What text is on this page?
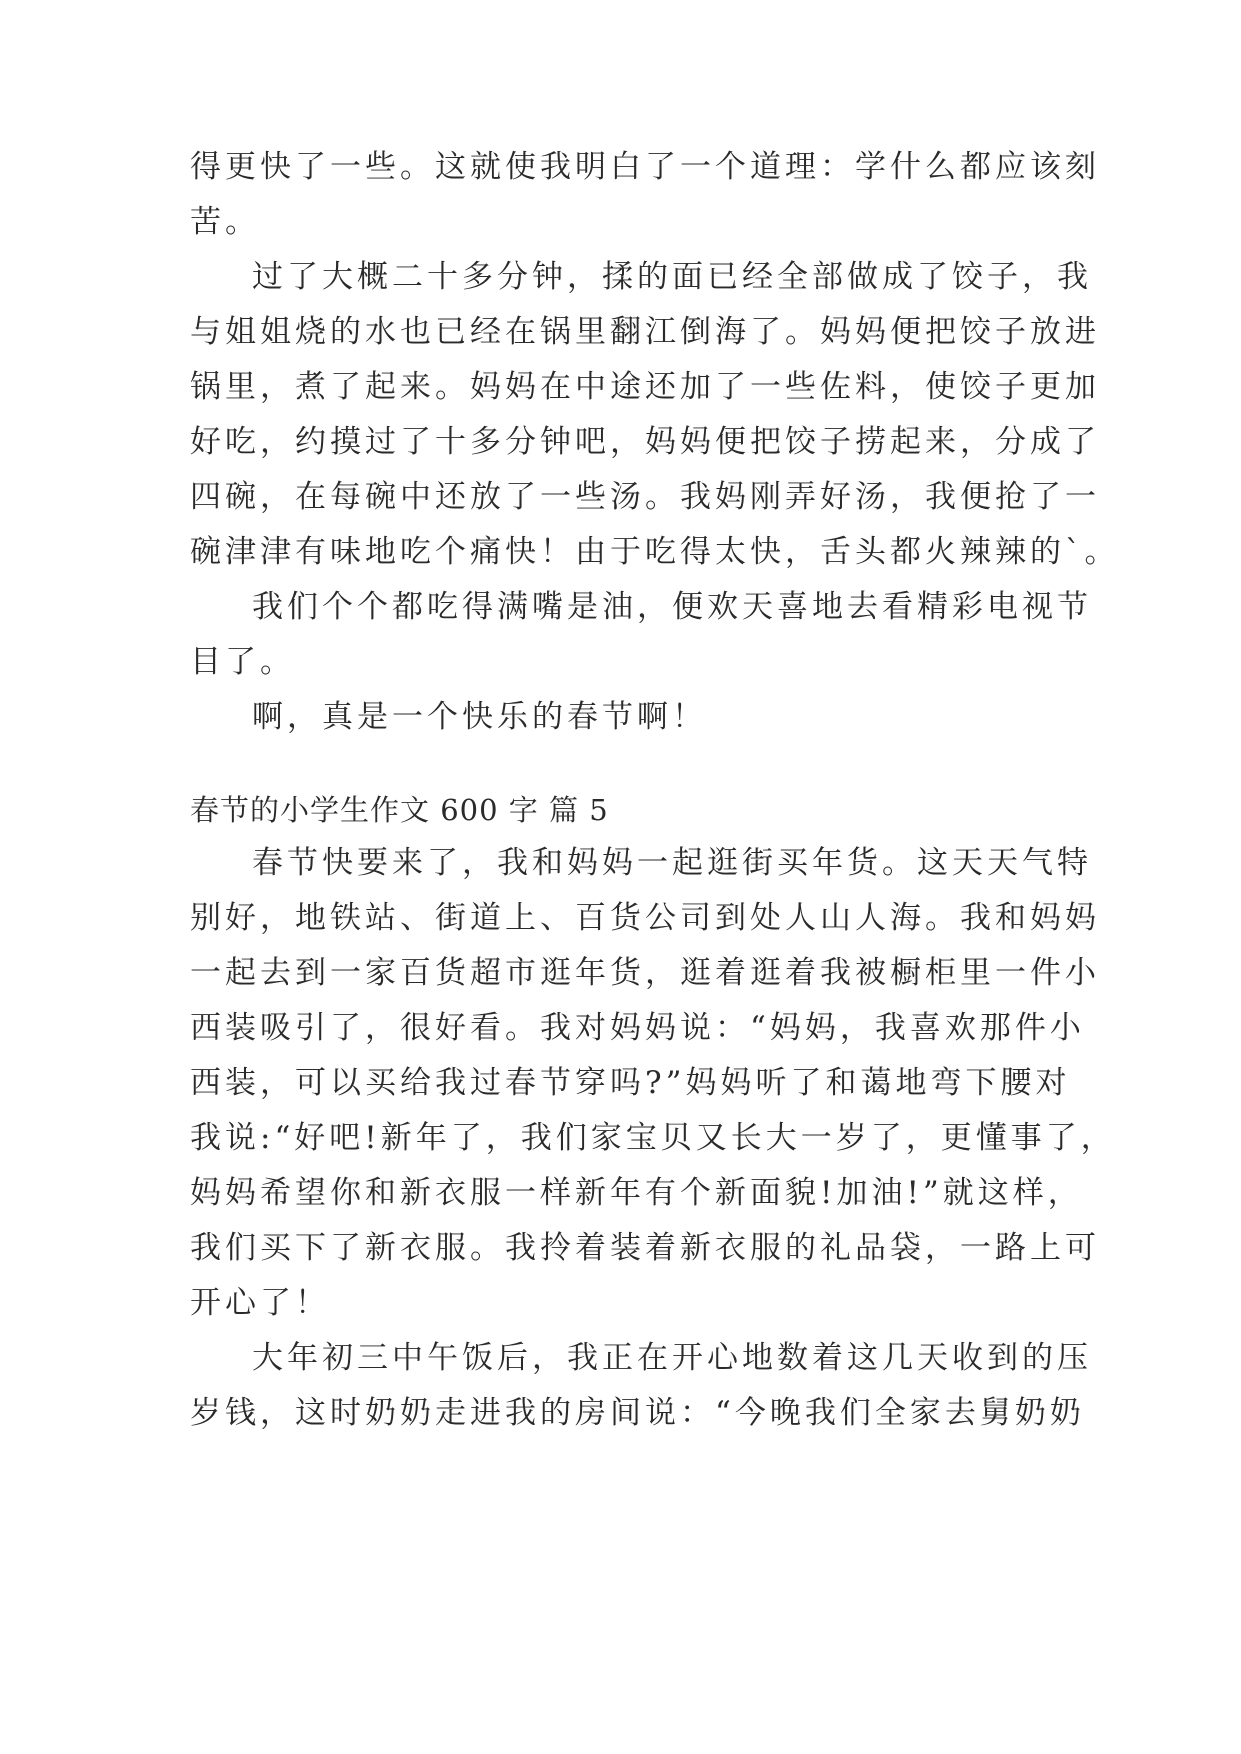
得更快了一些。这就使我明白了一个道理：学什么都应该刻
苦。
过了大概二十多分钟，揉的面已经全部做成了饺子，我
与姐姐烧的水也已经在锅里翻江倒海了。妈妈便把饺子放进
锅里，煮了起来。妈妈在中途还加了一些佐料，使饺子更加
好吃，约摸过了十多分钟吧，妈妈便把饺子捞起来，分成了
四碗，在每碗中还放了一些汤。我妈刚弄好汤，我便抢了一
碗津津有味地吃个痛快！由于吃得太快，舌头都火辣辣的`。
我们个个都吃得满嘴是油，便欢天喜地去看精彩电视节
目了。
啊，真是一个快乐的春节啊！
春节的小学生作文 600 字 篇 5
春节快要来了，我和妈妈一起逛街买年货。这天天气特
别好，地铁站、街道上、百货公司到处人山人海。我和妈妈
一起去到一家百货超市逛年货，逛着逛着我被橱柜里一件小
西装吸引了，很好看。我对妈妈说：“妈妈，我喜欢那件小
西装，可以买给我过春节穿吗?”妈妈听了和蔼地弯下腰对
我说:“好吧!新年了，我们家宝贝又长大一岁了，更懂事了，
妈妈希望你和新衣服一样新年有个新面貌!加油!”就这样，
我们买下了新衣服。我拎着装着新衣服的礼品袋，一路上可
开心了！
大年初三中午饭后，我正在开心地数着这几天收到的压
岁钱，这时奶奶走进我的房间说：“今晚我们全家去舅奶奶
